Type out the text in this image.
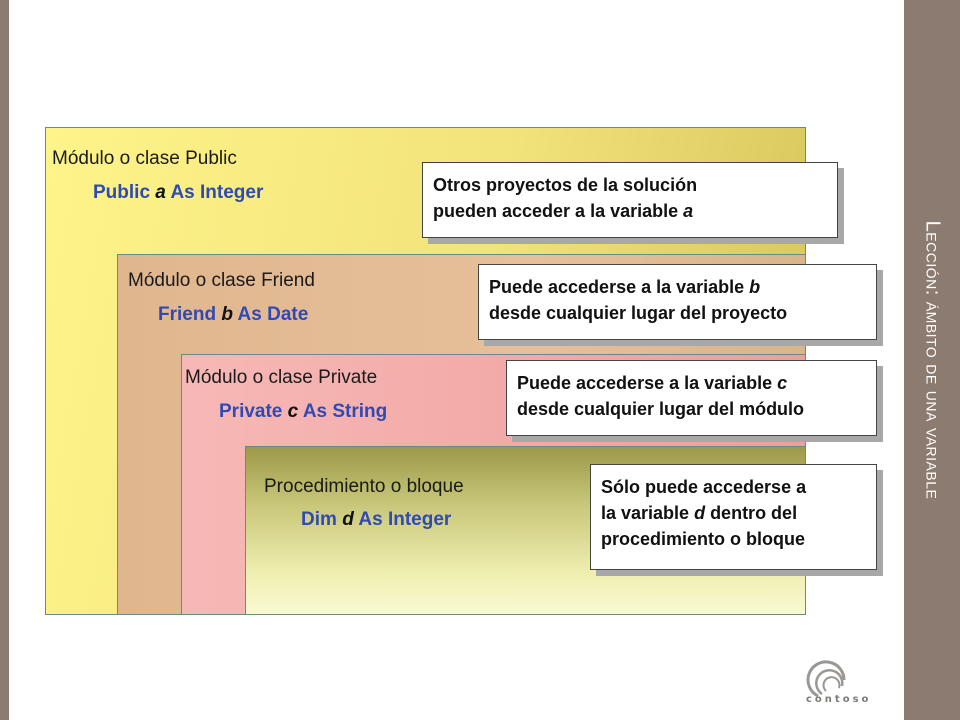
Lección: ámbito de una variable
Módulo o clase Public
Public a As Integer
Módulo o clase Friend
Friend b As Date
Módulo o clase Private
Private c As String
Procedimiento o bloque
Dim d As Integer
Otros proyectos de la solución
pueden acceder a la variable a
Puede accederse a la variable b
desde cualquier lugar del proyecto
Puede accederse a la variable c
desde cualquier lugar del módulo
Sólo puede accederse a
la variable d dentro del
procedimiento o bloque
contoso
